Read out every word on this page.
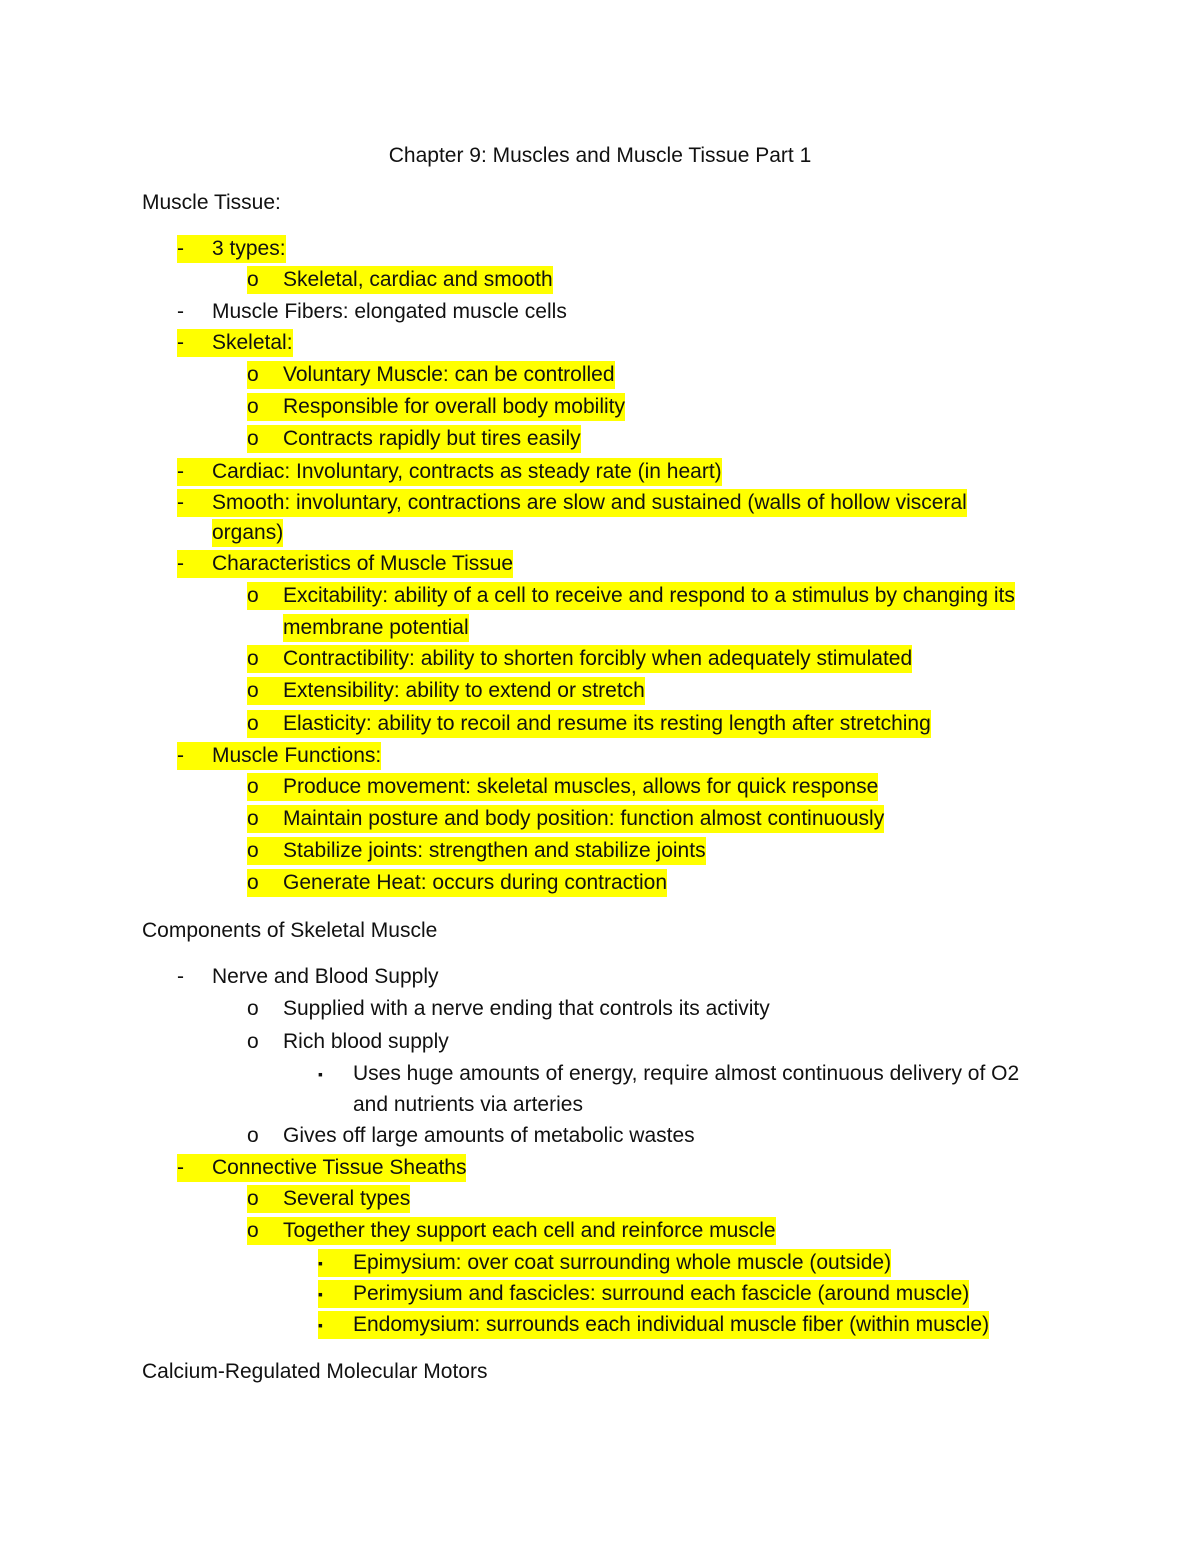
Chapter 9: Muscles and Muscle Tissue Part 1
Muscle Tissue:
-	3 types:
o	Skeletal, cardiac and smooth
- Muscle Fibers: elongated muscle cells
-	Skeletal:
o	Voluntary Muscle: can be controlled
o	Responsible for overall body mobility
o	Contracts rapidly but tires easily
-	Cardiac: Involuntary, contracts as steady rate (in heart)
-	Smooth: involuntary, contractions are slow and sustained (walls of hollow visceral
organs)
-	Characteristics of Muscle Tissue
o	Excitability: ability of a cell to receive and respond to a stimulus by changing its
membrane potential
o	Contractibility: ability to shorten forcibly when adequately stimulated
o	Extensibility: ability to extend or stretch
o	Elasticity: ability to recoil and resume its resting length after stretching
-	Muscle Functions:
o	Produce movement: skeletal muscles, allows for quick response
o	Maintain posture and body position: function almost continuously
o	Stabilize joints: strengthen and stabilize joints
o	Generate Heat: occurs during contraction
Components of Skeletal Muscle
- Nerve and Blood Supply
o Supplied with a nerve ending that controls its activity
o Rich blood supply
▪ Uses huge amounts of energy, require almost continuous delivery of O2
and nutrients via arteries
o Gives off large amounts of metabolic wastes
-	Connective Tissue Sheaths
o	Several types
o	Together they support each cell and reinforce muscle
▪	Epimysium: over coat surrounding whole muscle (outside)
▪	Perimysium and fascicles: surround each fascicle (around muscle)
▪	Endomysium: surrounds each individual muscle fiber (within muscle)
Calcium-Regulated Molecular Motors
